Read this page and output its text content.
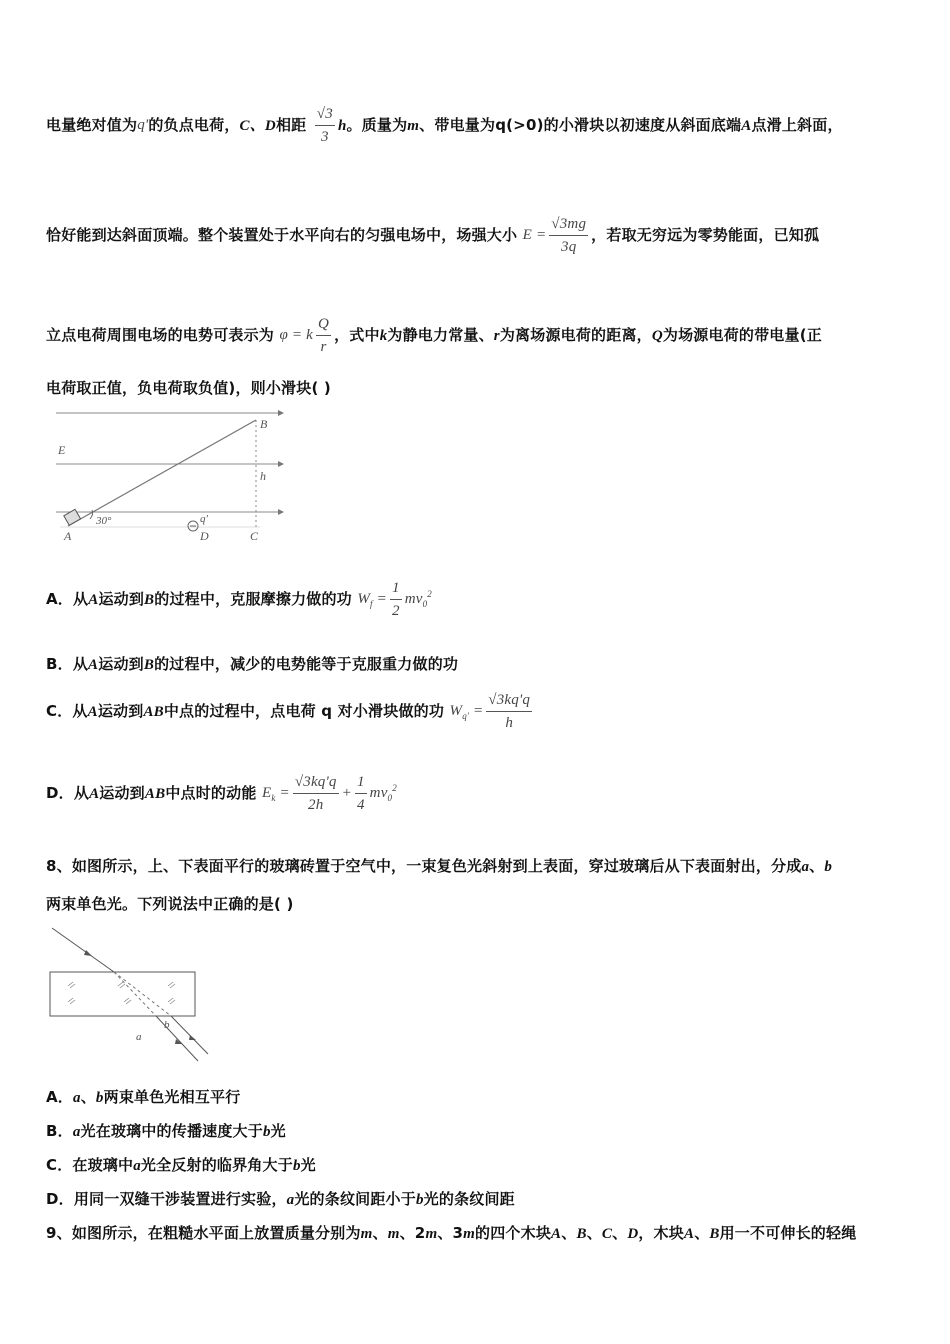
电量绝对值为q'的负点电荷，C、D相距 $\frac{√3}{3}$ h。质量为m、带电量为q(>0)的小滑块以初速度从斜面底端A点滑上斜面，
恰好能到达斜面顶端。整个装置处于水平向右的匀强电场中，场强大小 $E = \frac{√3mg}{3q}$ ，若取无穷远为零势能面，已知孤
立点电荷周围电场的电势可表示为 φ = k $\frac{Q}{r}$ ，式中k为静电力常量、r为离场源电荷的距离，Q为场源电荷的带电量(正
电荷取正值，负电荷取负值)，则小滑块( )
B
E
h
30°	q'
A	D	C
A．从A运动到B的过程中，克服摩擦力做的功 $W_f = \frac{1}{2} mv_0^2$
B．从A运动到B的过程中，减少的电势能等于克服重力做的功
C．从A运动到AB中点的过程中，点电荷 q 对小滑块做的功 $W_{q'} = \frac{√3kq'q}{h}$
D．从A运动到AB中点时的动能 $E_k = \frac{√3kq'q}{2h} + \frac{1}{4} mv_0^2$
8、如图所示，上、下表面平行的玻璃砖置于空气中，一束复色光斜射到上表面，穿过玻璃后从下表面射出，分成a、b
两束单色光。下列说法中正确的是( )
a
b
A．a、b两束单色光相互平行
B．a光在玻璃中的传播速度大于b光
C．在玻璃中a光全反射的临界角大于b光
D．用同一双缝干涉装置进行实验，a光的条纹间距小于b光的条纹间距
9、如图所示，在粗糙水平面上放置质量分别为m、m、2m、3m的四个木块A、B、C、D，木块A、B用一不可伸长的轻绳
